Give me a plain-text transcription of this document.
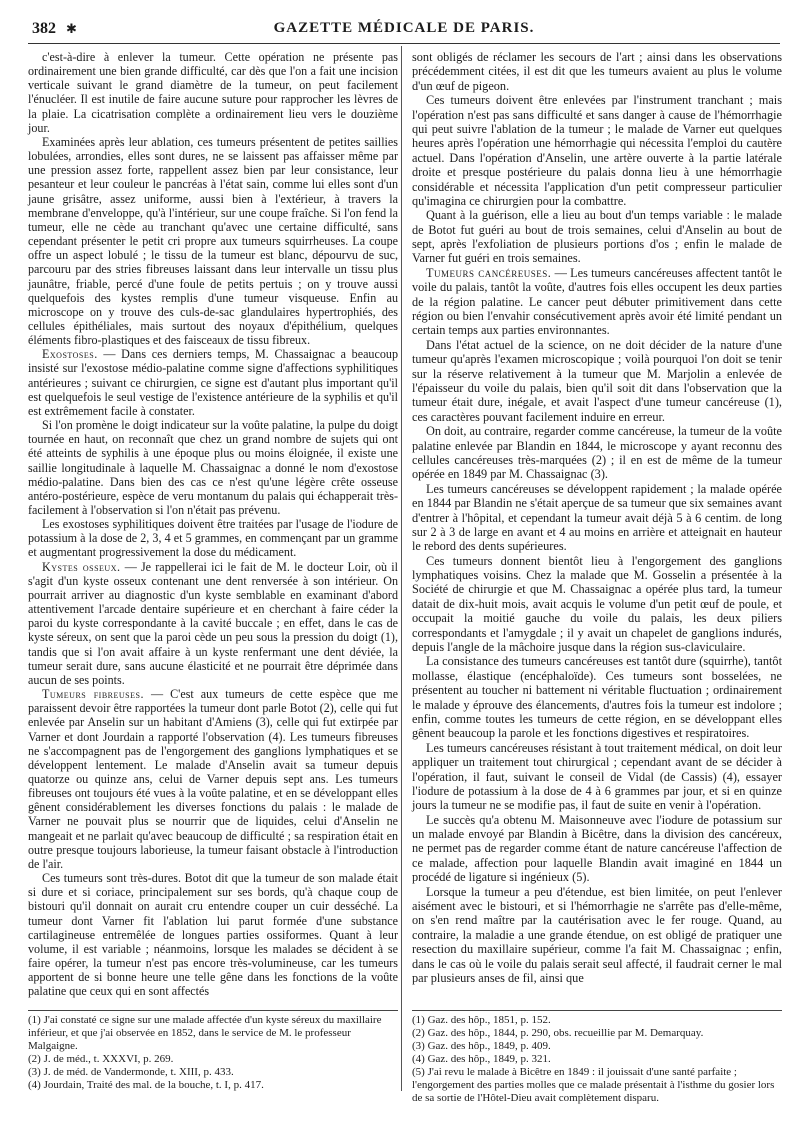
382 ✱	GAZETTE MÉDICALE DE PARIS.

c'est-à-dire à enlever la tumeur. Cette opération ne présente pas ordinairement une bien grande difficulté, car dès que l'on a fait une incision verticale suivant le grand diamètre de la tumeur, on peut facilement l'énucléer. Il est inutile de faire aucune suture pour rapprocher les lèvres de la plaie. La cicatrisation complète a ordinairement lieu vers le douzième jour.

Examinées après leur ablation, ces tumeurs présentent de petites saillies lobulées, arrondies, elles sont dures, ne se laissent pas affaisser même par une pression assez forte, rappellent assez bien par leur consistance, leur pesanteur et leur couleur le pancréas à l'état sain, comme lui elles sont d'un jaune grisâtre, assez uniforme, aussi bien à l'extérieur, à travers la membrane d'enveloppe, qu'à l'intérieur, sur une coupe fraîche. Si l'on fend la tumeur, elle ne cède au tranchant qu'avec une certaine difficulté, sans cependant présenter le petit cri propre aux tumeurs squirrheuses. La coupe offre un aspect lobulé ; le tissu de la tumeur est blanc, dépourvu de suc, parcouru par des stries fibreuses laissant dans leur intervalle un tissu plus jaunâtre, friable, percé d'une foule de petits pertuis ; on y trouve aussi quelquefois des kystes remplis d'une tumeur visqueuse. Enfin au microscope on y trouve des culs-de-sac glandulaires hypertrophiés, des cellules épithéliales, mais surtout des noyaux d'épithélium, quelques éléments fibro-plastiques et des faisceaux de tissu fibreux.

Exostoses. — Dans ces derniers temps, M. Chassaignac a beaucoup insisté sur l'exostose médio-palatine comme signe d'affections syphilitiques antérieures ; suivant ce chirurgien, ce signe est d'autant plus important qu'il est quelquefois le seul vestige de l'existence antérieure de la syphilis et qu'il est extrêmement facile à constater.

Si l'on promène le doigt indicateur sur la voûte palatine, la pulpe du doigt tournée en haut, on reconnaît que chez un grand nombre de sujets qui ont été atteints de syphilis à une époque plus ou moins éloignée, il existe une saillie longitudinale à laquelle M. Chassaignac a donné le nom d'exostose médio-palatine. Dans bien des cas ce n'est qu'une légère crête osseuse antéro-postérieure, espèce de veru montanum du palais qui échapperait très-facilement à l'observation si l'on n'était pas prévenu.

Les exostoses syphilitiques doivent être traitées par l'usage de l'iodure de potassium à la dose de 2, 3, 4 et 5 grammes, en commençant par un gramme et augmentant progressivement la dose du médicament.

Kystes osseux. — Je rappellerai ici le fait de M. le docteur Loir, où il s'agit d'un kyste osseux contenant une dent renversée à son intérieur. On pourrait arriver au diagnostic d'un kyste semblable en examinant d'abord attentivement l'arcade dentaire supérieure et en cherchant à faire céder la paroi du kyste correspondante à la cavité buccale ; en effet, dans le cas de kyste séreux, on sent que la paroi cède un peu sous la pression du doigt (1), tandis que si l'on avait affaire à un kyste renfermant une dent déviée, la tumeur serait dure, sans aucune élasticité et ne pourrait être déprimée dans aucun de ses points.

Tumeurs fibreuses. — C'est aux tumeurs de cette espèce que me paraissent devoir être rapportées la tumeur dont parle Botot (2), celle qui fut enlevée par Anselin sur un habitant d'Amiens (3), celle qui fut extirpée par Varner et dont Jourdain a rapporté l'observation (4). Les tumeurs fibreuses ne s'accompagnent pas de l'engorgement des ganglions lymphatiques et se développent lentement. Le malade d'Anselin avait sa tumeur depuis quatorze ou quinze ans, celui de Varner depuis sept ans. Les tumeurs fibreuses ont toujours été vues à la voûte palatine, et en se développant elles gênent considérablement les diverses fonctions du palais : le malade de Varner ne pouvait plus se nourrir que de liquides, celui d'Anselin ne mangeait et ne parlait qu'avec beaucoup de difficulté ; sa respiration était en outre presque toujours laborieuse, la tumeur faisant obstacle à l'introduction de l'air.

Ces tumeurs sont très-dures. Botot dit que la tumeur de son malade était si dure et si coriace, principalement sur ses bords, qu'à chaque coup de bistouri qu'il donnait on aurait cru entendre couper un cuir desséché. La tumeur dont Varner fit l'ablation lui parut formée d'une substance cartilagineuse entremêlée de longues parties ossiformes. Quant à leur volume, il est variable ; néanmoins, lorsque les malades se décident à se faire opérer, la tumeur n'est pas encore très-volumineuse, car les tumeurs apportent de si bonne heure une telle gêne dans les fonctions de la voûte palatine que ceux qui en sont affectés

sont obligés de réclamer les secours de l'art ; ainsi dans les observations précédemment citées, il est dit que les tumeurs avaient au plus le volume d'un œuf de pigeon.

Ces tumeurs doivent être enlevées par l'instrument tranchant ; mais l'opération n'est pas sans difficulté et sans danger à cause de l'hémorrhagie qui peut suivre l'ablation de la tumeur ; le malade de Varner eut quelques heures après l'opération une hémorrhagie qui nécessita l'emploi du cautère actuel. Dans l'opération d'Anselin, une artère ouverte à la partie latérale droite et presque postérieure du palais donna lieu à une hémorrhagie considérable et nécessita l'application d'un petit compresseur particulier qu'imagina ce chirurgien pour la combattre.

Quant à la guérison, elle a lieu au bout d'un temps variable : le malade de Botot fut guéri au bout de trois semaines, celui d'Anselin au bout de sept, après l'exfoliation de plusieurs portions d'os ; enfin le malade de Varner fut guéri en trois semaines.

Tumeurs cancéreuses. — Les tumeurs cancéreuses affectent tantôt le voile du palais, tantôt la voûte, d'autres fois elles occupent les deux parties de la région palatine. Le cancer peut débuter primitivement dans cette région ou bien l'envahir consécutivement après avoir été limité pendant un certain temps aux parties environnantes.

Dans l'état actuel de la science, on ne doit décider de la nature d'une tumeur qu'après l'examen microscopique ; voilà pourquoi l'on doit se tenir sur la réserve relativement à la tumeur que M. Marjolin a enlevée de l'épaisseur du voile du palais, bien qu'il soit dit dans l'observation que la tumeur était dure, inégale, et avait l'aspect d'une tumeur cancéreuse (1), ces caractères pouvant facilement induire en erreur.

On doit, au contraire, regarder comme cancéreuse, la tumeur de la voûte palatine enlevée par Blandin en 1844, le microscope y ayant reconnu des cellules cancéreuses très-marquées (2) ; il en est de même de la tumeur opérée en 1849 par M. Chassaignac (3).

Les tumeurs cancéreuses se développent rapidement ; la malade opérée en 1844 par Blandin ne s'était aperçue de sa tumeur que six semaines avant d'entrer à l'hôpital, et cependant la tumeur avait déjà 5 à 6 centim. de long sur 2 à 3 de large en avant et 4 au moins en arrière et atteignait en hauteur le rebord des dents supérieures.

Ces tumeurs donnent bientôt lieu à l'engorgement des ganglions lymphatiques voisins. Chez la malade que M. Gosselin a présentée à la Société de chirurgie et que M. Chassaignac a opérée plus tard, la tumeur datait de dix-huit mois, avait acquis le volume d'un petit œuf de poule, et occupait la moitié gauche du voile du palais, les deux piliers correspondants et l'amygdale ; il y avait un chapelet de ganglions indurés, depuis l'angle de la mâchoire jusque dans la région sus-claviculaire.

La consistance des tumeurs cancéreuses est tantôt dure (squirrhe), tantôt mollasse, élastique (encéphaloïde). Ces tumeurs sont bosselées, ne présentent au toucher ni battement ni véritable fluctuation ; ordinairement le malade y éprouve des élancements, d'autres fois la tumeur est indolore ; enfin, comme toutes les tumeurs de cette région, en se développant elles gênent beaucoup la parole et les fonctions digestives et respiratoires.

Les tumeurs cancéreuses résistant à tout traitement médical, on doit leur appliquer un traitement tout chirurgical ; cependant avant de se décider à l'opération, il faut, suivant le conseil de Vidal (de Cassis) (4), essayer l'iodure de potassium à la dose de 4 à 6 grammes par jour, et si en quinze jours la tumeur ne se modifie pas, il faut de suite en venir à l'opération.

Le succès qu'a obtenu M. Maisonneuve avec l'iodure de potassium sur un malade envoyé par Blandin à Bicêtre, dans la division des cancéreux, ne permet pas de regarder comme étant de nature cancéreuse l'affection de ce malade, affection pour laquelle Blandin avait imaginé en 1844 un procédé de ligature si ingénieux (5).

Lorsque la tumeur a peu d'étendue, est bien limitée, on peut l'enlever aisément avec le bistouri, et si l'hémorrhagie ne s'arrête pas d'elle-même, on s'en rend maître par la cautérisation avec le fer rouge. Quand, au contraire, la maladie a une grande étendue, on est obligé de pratiquer une resection du maxillaire supérieur, comme l'a fait M. Chassaignac ; enfin, dans le cas où le voile du palais serait seul affecté, il faudrait cerner le mal par plusieurs anses de fil, ainsi que

(1) J'ai constaté ce signe sur une malade affectée d'un kyste séreux du maxillaire inférieur, et que j'ai observée en 1852, dans le service de M. le professeur Malgaigne.

(2) J. de méd., t. XXXVI, p. 269.

(3) J. de méd. de Vandermonde, t. XIII, p. 433.

(4) Jourdain, Traité des mal. de la bouche, t. I, p. 417.

(1) Gaz. des hôp., 1851, p. 152.

(2) Gaz. des hôp., 1844, p. 290, obs. recueillie par M. Demarquay.

(3) Gaz. des hôp., 1849, p. 409.

(4) Gaz. des hôp., 1849, p. 321.

(5) J'ai revu le malade à Bicêtre en 1849 : il jouissait d'une santé parfaite ; l'engorgement des parties molles que ce malade présentait à l'isthme du gosier lors de sa sortie de l'Hôtel-Dieu avait complètement disparu.
